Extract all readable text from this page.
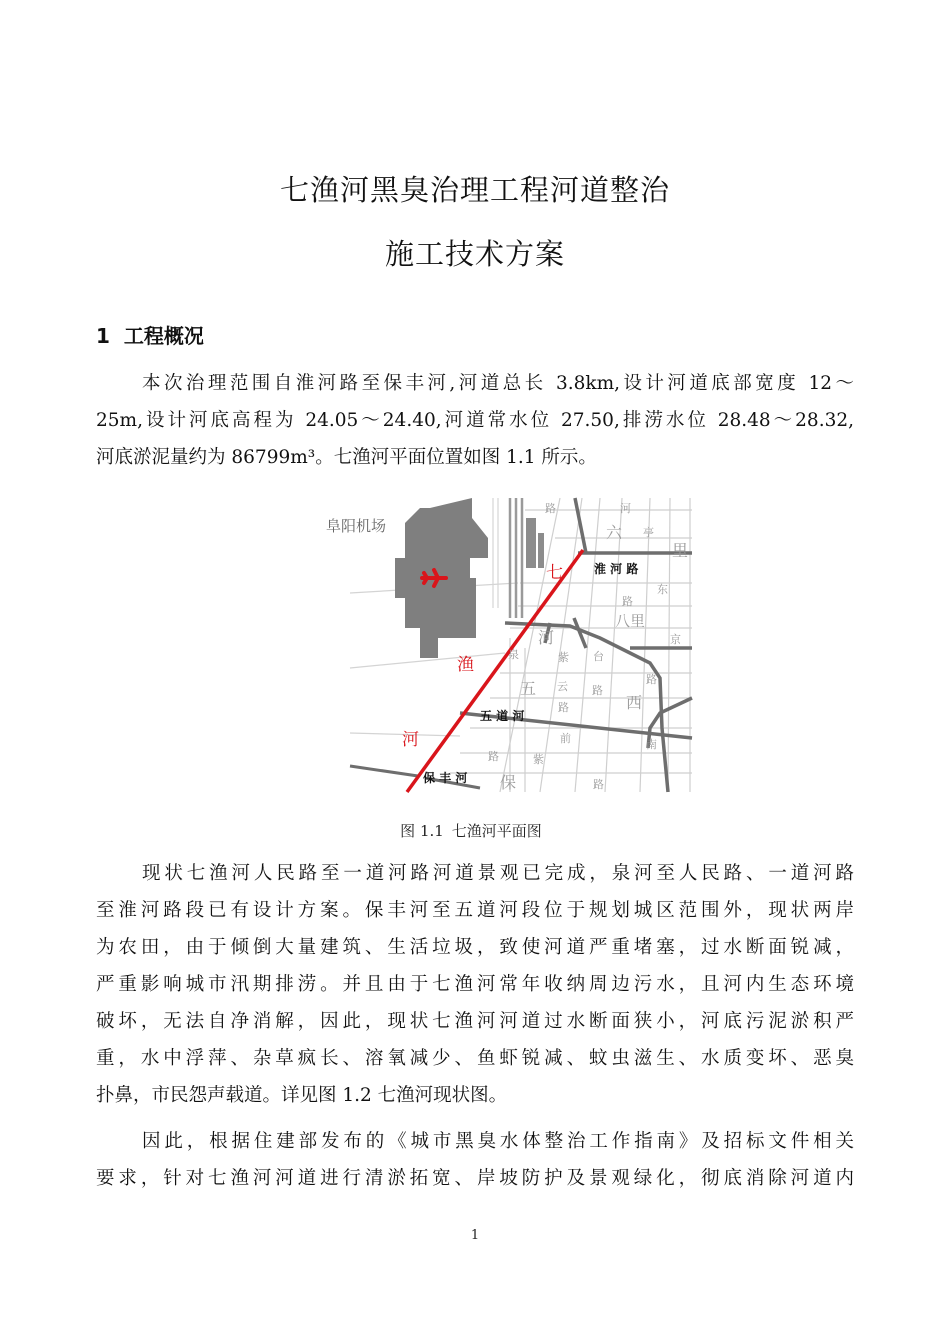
七渔河黑臭治理工程河道整治
施工技术方案
1 工程概况
本次治理范围自淮河路至保丰河,河道总长 3.8km,设计河道底部宽度 12～
25m,设计河底高程为 24.05～24.40,河道常水位 27.50,排涝水位 28.48～28.32,
河底淤泥量约为 86799m³。七渔河平面位置如图 1.1 所示。
阜阳机场
七
渔
河
淮 河 路
五 道 河
保 丰 河
路	河
六 亭
里
东
路
八里
京
泉
河
台
紫
路
五 云 路
西
路
前	南
路	紫
保	路
图 1.1 七渔河平面图
现状七渔河人民路至一道河路河道景观已完成，泉河至人民路、一道河路
至淮河路段已有设计方案。保丰河至五道河段位于规划城区范围外，现状两岸
为农田，由于倾倒大量建筑、生活垃圾，致使河道严重堵塞，过水断面锐减，
严重影响城市汛期排涝。并且由于七渔河常年收纳周边污水，且河内生态环境
破坏，无法自净消解，因此，现状七渔河河道过水断面狭小，河底污泥淤积严
重，水中浮萍、杂草疯长、溶氧减少、鱼虾锐减、蚊虫滋生、水质变坏、恶臭
扑鼻，市民怨声载道。详见图 1.2 七渔河现状图。
因此，根据住建部发布的《城市黑臭水体整治工作指南》及招标文件相关
要求，针对七渔河河道进行清淤拓宽、岸坡防护及景观绿化，彻底消除河道内
1
